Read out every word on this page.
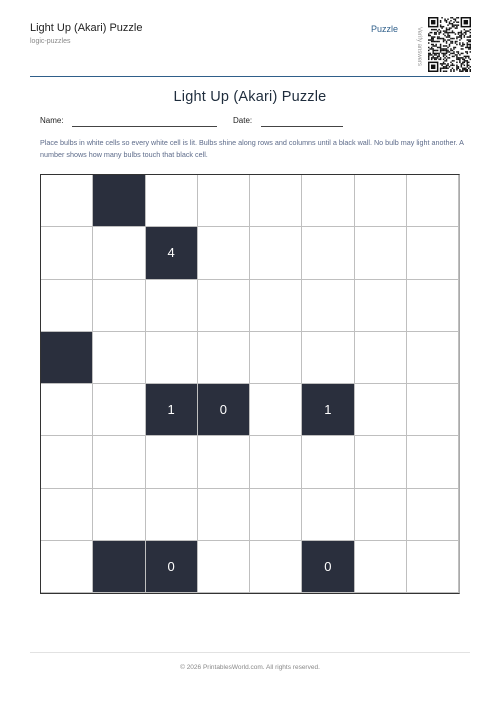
Light Up (Akari) Puzzle
logic-puzzles
Puzzle	Verify answers
Light Up (Akari) Puzzle
Name:	Date:
Place bulbs in white cells so every white cell is lit. Bulbs shine along rows and columns until a black wall. No bulb may light another. A number shows how many bulbs touch that black cell.
4
1	0	1
0	0
© 2026 PrintablesWorld.com. All rights reserved.
